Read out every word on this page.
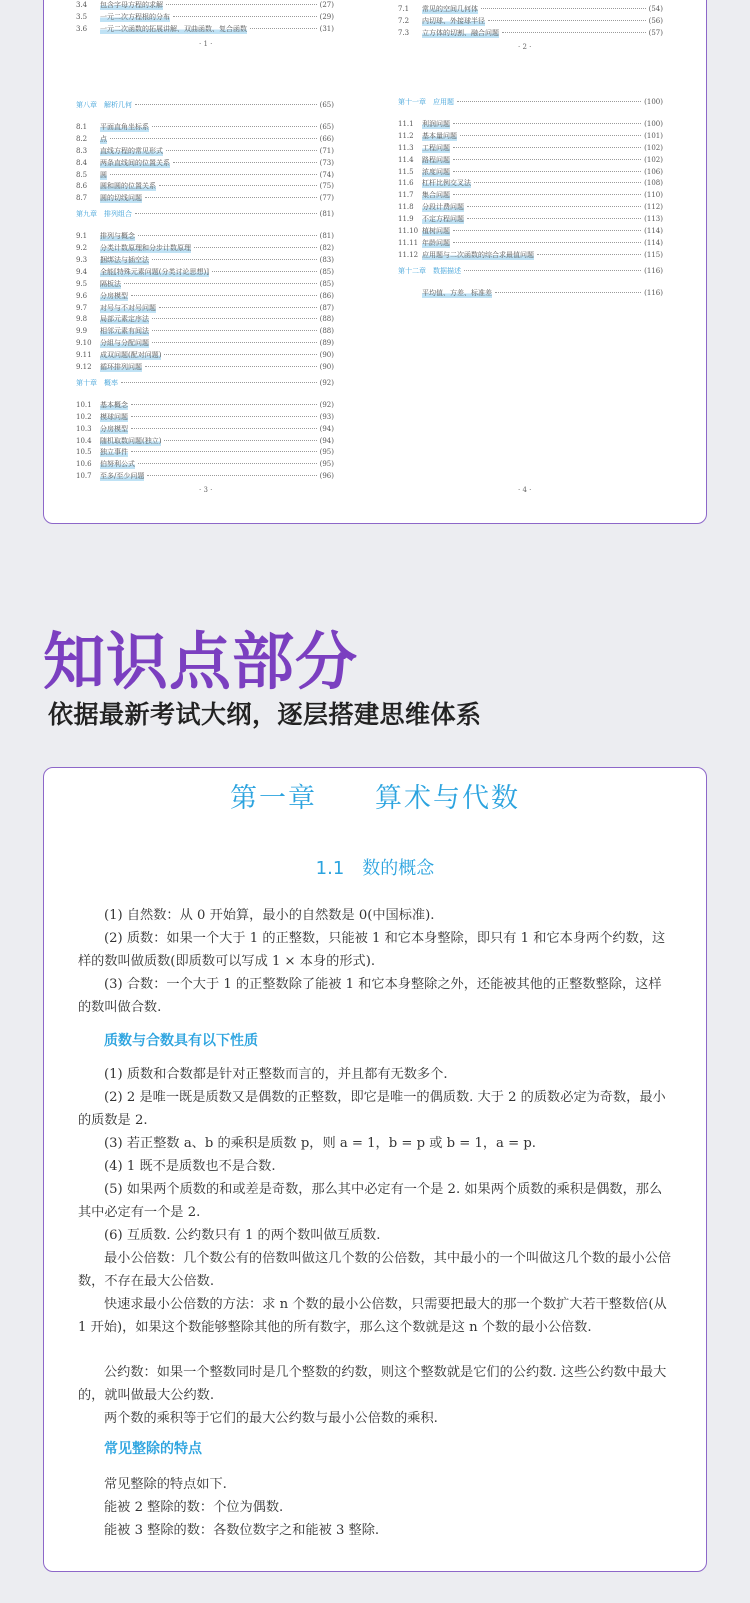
3.4	包含字母方程的求解	(27)
3.5	一元二次方程根的分布	(29)
3.6	一元二次函数的拓展讲解、双曲函数、复合函数	(31)
· 1 ·
7.1	常见的空间几何体	(54)
7.2	内切球、外接球半径	(56)
7.3	立方体的切割、融合问题	(57)
· 2 ·
第八章　解析几何	(65)
8.1	平面直角坐标系	(65)
8.2	点	(66)
8.3	直线方程的常见形式	(71)
8.4	两条直线间的位置关系	(73)
8.5	圆	(74)
8.6	圆和圆的位置关系	(75)
8.7	圆的切线问题	(77)
第九章　排列组合	(81)
9.1	排列与概念	(81)
9.2	分类计数原理和分步计数原理	(82)
9.3	捆绑法与插空法	(83)
9.4	全能[特殊元素问题(分类讨论思想)]	(85)
9.5	隔板法	(85)
9.6	分房模型	(86)
9.7	对号与不对号问题	(87)
9.8	局部元素定序法	(88)
9.9	相邻元素有间法	(88)
9.10	分組与分配问题	(89)
9.11	成双问题(配对问题)	(90)
9.12	循环排列问题	(90)
第十章　概率	(92)
10.1	基本概念	(92)
10.2	模球问题	(93)
10.3	分房模型	(94)
10.4	随机取数问题(独立)	(94)
10.5	独立事件	(95)
10.6	伯努利公式	(95)
10.7	至多/至少问题	(96)
· 3 ·
第十一章　应用题	(100)
11.1	利润问题	(100)
11.2	基本量问题	(101)
11.3	工程问题	(102)
11.4	路程问题	(102)
11.5	浓度问题	(106)
11.6	杠杆比例交叉法	(108)
11.7	集合问题	(110)
11.8	分段计费问题	(112)
11.9	不定方程问题	(113)
11.10 植树问题	(114)
11.11 年龄问题	(114)
11.12 应用题与二次函数的综合求最值问题	(115)
第十二章　数据描述	(116)
平均值、方差、标准差	(116)
· 4 ·
知识点部分
依据最新考试大纲，逐层搭建思维体系
第一章　　算术与代数
1.1　数的概念

(1) 自然数：从 0 开始算，最小的自然数是 0(中国标准).

(2) 质数：如果一个大于 1 的正整数，只能被 1 和它本身整除，即只有 1 和它本身两个约数，这样的数叫做质数(即质数可以写成 1 × 本身的形式).

(3) 合数：一个大于 1 的正整数除了能被 1 和它本身整除之外，还能被其他的正整数整除，这样的数叫做合数.

质数与合数具有以下性质

(1) 质数和合数都是针对正整数而言的，并且都有无数多个.

(2) 2 是唯一既是质数又是偶数的正整数，即它是唯一的偶质数. 大于 2 的质数必定为奇数，最小的质数是 2.

(3) 若正整数 a、b 的乘积是质数 p，则 a = 1，b = p 或 b = 1，a = p.

(4) 1 既不是质数也不是合数.

(5) 如果两个质数的和或差是奇数，那么其中必定有一个是 2. 如果两个质数的乘积是偶数，那么其中必定有一个是 2.

(6) 互质数. 公约数只有 1 的两个数叫做互质数.

最小公倍数：几个数公有的倍数叫做这几个数的公倍数，其中最小的一个叫做这几个数的最小公倍数，不存在最大公倍数.

快速求最小公倍数的方法：求 n 个数的最小公倍数，只需要把最大的那一个数扩大若干整数倍(从 1 开始)，如果这个数能够整除其他的所有数字，那么这个数就是这 n 个数的最小公倍数.

公约数：如果一个整数同时是几个整数的约数，则这个整数就是它们的公约数. 这些公约数中最大的，就叫做最大公约数.

两个数的乘积等于它们的最大公约数与最小公倍数的乘积.

常见整除的特点

常见整除的特点如下.

能被 2 整除的数：个位为偶数.

能被 3 整除的数：各数位数字之和能被 3 整除.
